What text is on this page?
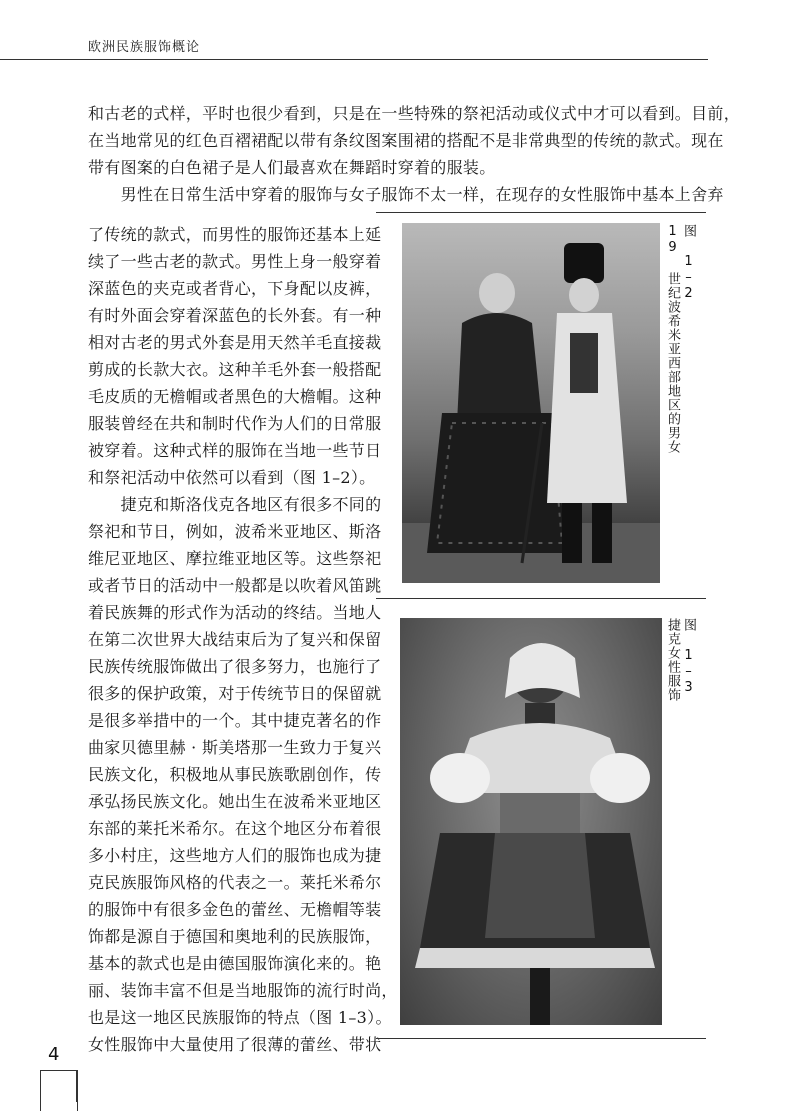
欧洲民族服饰概论
和古老的式样，平时也很少看到，只是在一些特殊的祭祀活动或仪式中才可以看到。目前，
在当地常见的红色百褶裙配以带有条纹图案围裙的搭配不是非常典型的传统的款式。现在
带有图案的白色裙子是人们最喜欢在舞蹈时穿着的服装。
　　男性在日常生活中穿着的服饰与女子服饰不太一样，在现存的女性服饰中基本上舍弃
了传统的款式，而男性的服饰还基本上延
续了一些古老的款式。男性上身一般穿着
深蓝色的夹克或者背心，下身配以皮裤，
有时外面会穿着深蓝色的长外套。有一种
相对古老的男式外套是用天然羊毛直接裁
剪成的长款大衣。这种羊毛外套一般搭配
毛皮质的无檐帽或者黑色的大檐帽。这种
服装曾经在共和制时代作为人们的日常服
被穿着。这种式样的服饰在当地一些节日
和祭祀活动中依然可以看到（图 1–2）。
　　捷克和斯洛伐克各地区有很多不同的
祭祀和节日，例如，波希米亚地区、斯洛
维尼亚地区、摩拉维亚地区等。这些祭祀
或者节日的活动中一般都是以吹着风笛跳
着民族舞的形式作为活动的终结。当地人
在第二次世界大战结束后为了复兴和保留
民族传统服饰做出了很多努力，也施行了
很多的保护政策，对于传统节日的保留就
是很多举措中的一个。其中捷克著名的作
曲家贝德里赫 · 斯美塔那一生致力于复兴
民族文化，积极地从事民族歌剧创作，传
承弘扬民族文化。她出生在波希米亚地区
东部的莱托米希尔。在这个地区分布着很
多小村庄，这些地方人们的服饰也成为捷
克民族服饰风格的代表之一。莱托米希尔
的服饰中有很多金色的蕾丝、无檐帽等装
饰都是源自于德国和奥地利的民族服饰，
基本的款式也是由德国服饰演化来的。艳
丽、装饰丰富不但是当地服饰的流行时尚，
也是这一地区民族服饰的特点（图 1–3）。
女性服饰中大量使用了很薄的蕾丝、带状
图 1–2
19 世纪波希米亚西部地区的男女
图 1–3
捷克女性服饰
4
